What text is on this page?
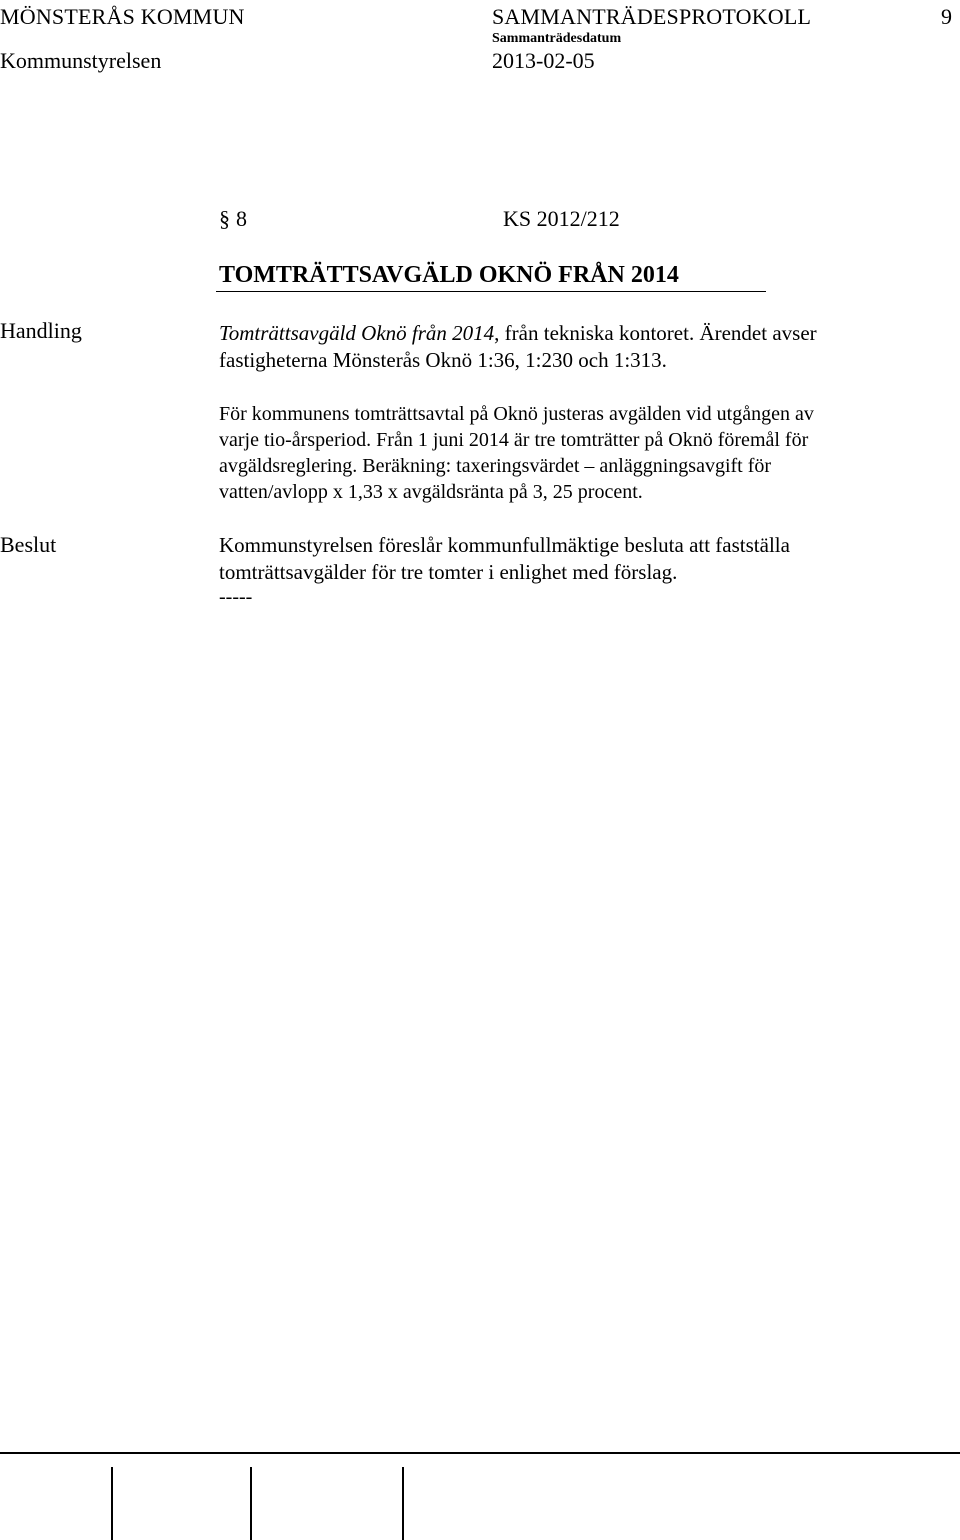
MÖNSTERÅS KOMMUN	SAMMANTRÄDESPROTOKOLL	9
Sammanträdesdatum
Kommunstyrelsen	2013-02-05
§ 8	KS 2012/212
TOMTRÄTTSAVGÄLD OKNÖ FRÅN 2014
Handling	Tomträttsavgäld Oknö från 2014, från tekniska kontoret. Ärendet avser

fastigheterna Mönsterås Oknö 1:36, 1:230 och 1:313.

För kommunens tomträttsavtal på Oknö justeras avgälden vid utgången av

varje tio-årsperiod. Från 1 juni 2014 är tre tomträtter på Oknö föremål för

avgäldsreglering. Beräkning: taxeringsvärdet – anläggningsavgift för

vatten/avlopp x 1,33 x avgäldsränta på 3, 25 procent.

Beslut	Kommunstyrelsen föreslår kommunfullmäktige besluta att fastställa

tomträttsavgälder för tre tomter i enlighet med förslag.

-----
